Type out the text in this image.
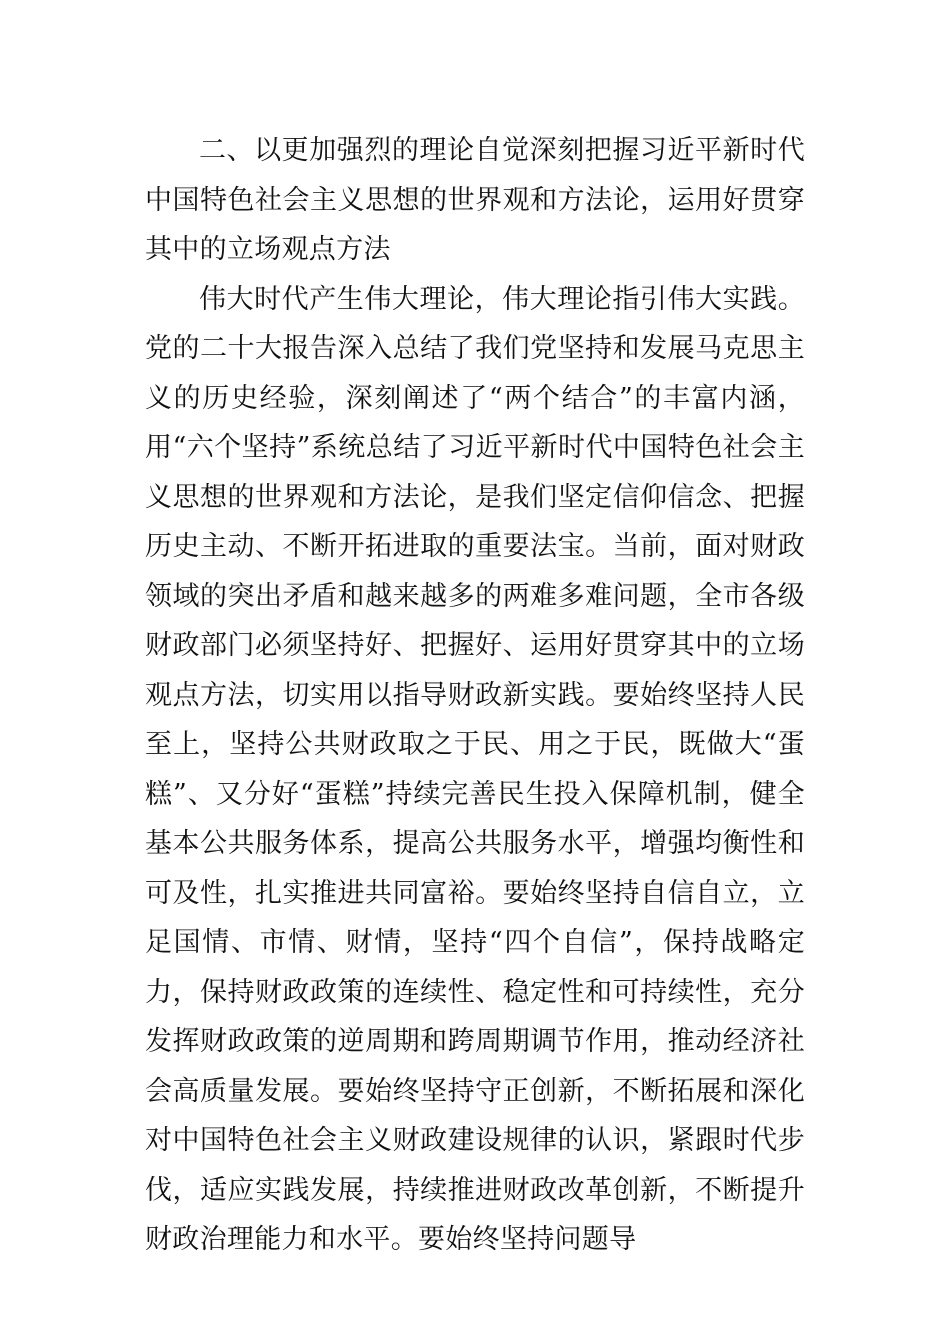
二、以更加强烈的理论自觉深刻把握习近平新时代中国特色社会主义思想的世界观和方法论，运用好贯穿其中的立场观点方法

伟大时代产生伟大理论，伟大理论指引伟大实践。党的二十大报告深入总结了我们党坚持和发展马克思主义的历史经验，深刻阐述了“两个结合”的丰富内涵，用“六个坚持”系统总结了习近平新时代中国特色社会主义思想的世界观和方法论，是我们坚定信仰信念、把握历史主动、不断开拓进取的重要法宝。当前，面对财政领域的突出矛盾和越来越多的两难多难问题，全市各级财政部门必须坚持好、把握好、运用好贯穿其中的立场观点方法，切实用以指导财政新实践。要始终坚持人民至上，坚持公共财政取之于民、用之于民，既做大“蛋糕”、又分好“蛋糕”持续完善民生投入保障机制，健全基本公共服务体系，提高公共服务水平，增强均衡性和可及性，扎实推进共同富裕。要始终坚持自信自立，立足国情、市情、财情，坚持“四个自信”，保持战略定力，保持财政政策的连续性、稳定性和可持续性，充分发挥财政政策的逆周期和跨周期调节作用，推动经济社会高质量发展。要始终坚持守正创新，不断拓展和深化对中国特色社会主义财政建设规律的认识，紧跟时代步伐，适应实践发展，持续推进财政改革创新，不断提升财政治理能力和水平。要始终坚持问题导
